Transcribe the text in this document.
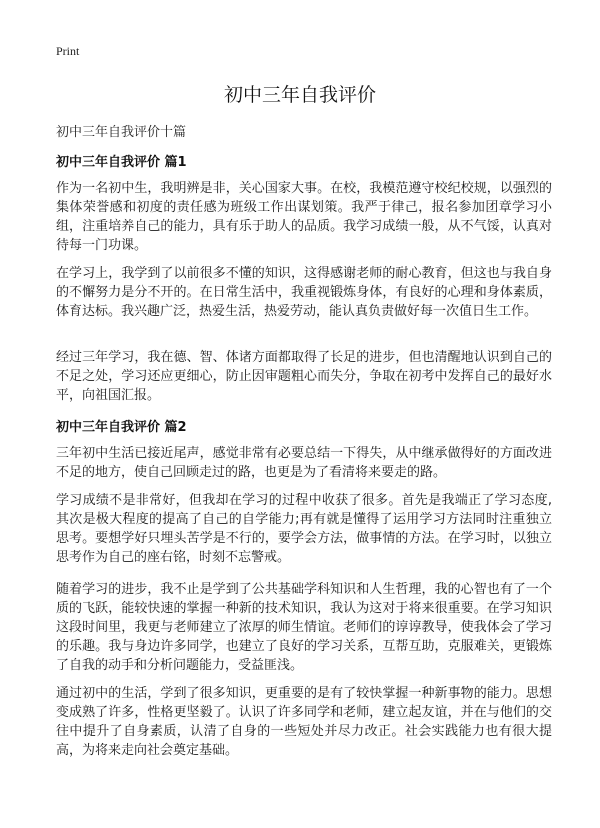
Print
初中三年自我评价
初中三年自我评价十篇
初中三年自我评价 篇1

作为一名初中生，我明辨是非，关心国家大事。在校，我模范遵守校纪校规，以强烈的集体荣誉感和初度的责任感为班级工作出谋划策。我严于律己，报名参加团章学习小组，注重培养自己的能力，具有乐于助人的品质。我学习成绩一般，从不气馁，认真对待每一门功课。

在学习上，我学到了以前很多不懂的知识，这得感谢老师的耐心教育，但这也与我自身的不懈努力是分不开的。在日常生活中，我重视锻炼身体，有良好的心理和身体素质，体育达标。我兴趣广泛，热爱生活，热爱劳动，能认真负责做好每一次值日生工作。

经过三年学习，我在德、智、体诸方面都取得了长足的进步，但也清醒地认识到自己的不足之处，学习还应更细心，防止因审题粗心而失分，争取在初考中发挥自己的最好水平，向祖国汇报。

初中三年自我评价 篇2

三年初中生活已接近尾声，感觉非常有必要总结一下得失，从中继承做得好的方面改进不足的地方，使自己回顾走过的路，也更是为了看清将来要走的路。

学习成绩不是非常好，但我却在学习的过程中收获了很多。首先是我端正了学习态度,其次是极大程度的提高了自己的自学能力;再有就是懂得了运用学习方法同时注重独立思考。要想学好只埋头苦学是不行的，要学会方法，做事情的方法。在学习时，以独立思考作为自己的座右铭，时刻不忘警戒。

随着学习的进步，我不止是学到了公共基础学科知识和人生哲理，我的心智也有了一个质的飞跃，能较快速的掌握一种新的技术知识，我认为这对于将来很重要。在学习知识这段时间里，我更与老师建立了浓厚的师生情谊。老师们的谆谆教导，使我体会了学习的乐趣。我与身边许多同学，也建立了良好的学习关系，互帮互助，克服难关，更锻炼了自我的动手和分析问题能力，受益匪浅。

通过初中的生活，学到了很多知识，更重要的是有了较快掌握一种新事物的能力。思想变成熟了许多，性格更坚毅了。认识了许多同学和老师，建立起友谊，并在与他们的交往中提升了自身素质，认清了自身的一些短处并尽力改正。社会实践能力也有很大提高，为将来走向社会奠定基础。
